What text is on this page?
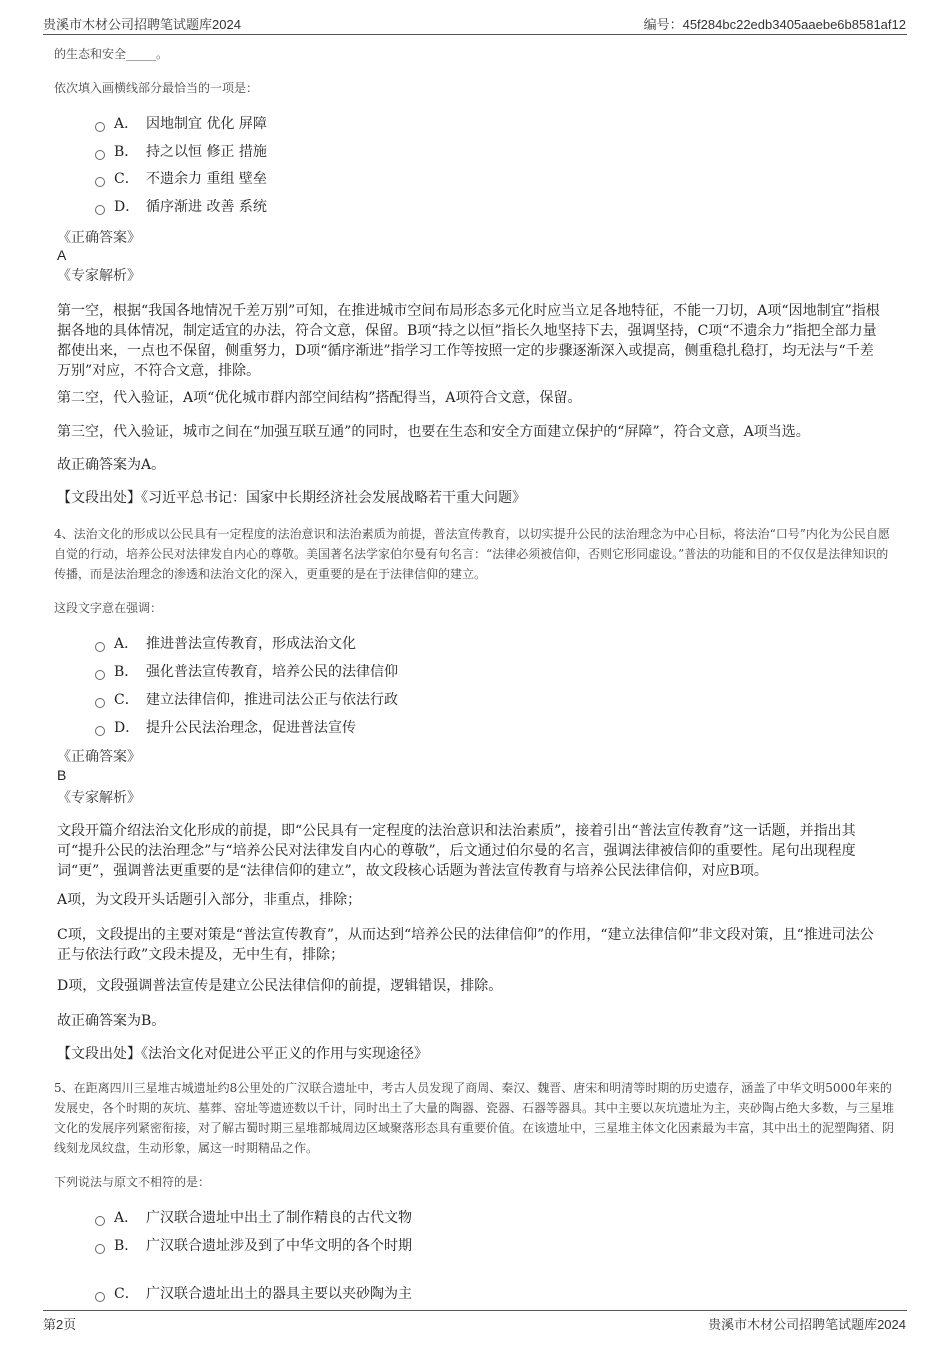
贵溪市木材公司招聘笔试题库2024	编号：45f284bc22edb3405aaebe6b8581af12

的生态和安全_____。

依次填入画横线部分最恰当的一项是：

A． 因地制宜 优化 屏障
B． 持之以恒 修正 措施
C． 不遗余力 重组 壁垒
D． 循序渐进 改善 系统

《正确答案》

A

《专家解析》

第一空，根据“我国各地情况千差万别”可知，在推进城市空间布局形态多元化时应当立足各地特征，不能一刀切，A项“因地制宜”指根据各地的具体情况，制定适宜的办法，符合文意，保留。B项“持之以恒”指长久地坚持下去，强调坚持，C项“不遗余力”指把全部力量都使出来，一点也不保留，侧重努力，D项“循序渐进”指学习工作等按照一定的步骤逐渐深入或提高，侧重稳扎稳打，均无法与“千差万别”对应，不符合文意，排除。

第二空，代入验证，A项“优化城市群内部空间结构”搭配得当，A项符合文意，保留。

第三空，代入验证，城市之间在“加强互联互通”的同时，也要在生态和安全方面建立保护的“屏障”，符合文意，A项当选。

故正确答案为A。

【文段出处】《习近平总书记：国家中长期经济社会发展战略若干重大问题》

4、法治文化的形成以公民具有一定程度的法治意识和法治素质为前提，普法宣传教育，以切实提升公民的法治理念为中心目标，将法治“口号”内化为公民自愿自觉的行动，培养公民对法律发自内心的尊敬。美国著名法学家伯尔曼有句名言：“法律必须被信仰，否则它形同虚设。”普法的功能和目的不仅仅是法律知识的传播，而是法治理念的渗透和法治文化的深入，更重要的是在于法律信仰的建立。

这段文字意在强调：

A． 推进普法宣传教育，形成法治文化
B． 强化普法宣传教育，培养公民的法律信仰
C． 建立法律信仰，推进司法公正与依法行政
D． 提升公民法治理念，促进普法宣传

《正确答案》

B

《专家解析》

文段开篇介绍法治文化形成的前提，即“公民具有一定程度的法治意识和法治素质”，接着引出“普法宣传教育”这一话题，并指出其可“提升公民的法治理念”与“培养公民对法律发自内心的尊敬”，后文通过伯尔曼的名言，强调法律被信仰的重要性。尾句出现程度词“更”，强调普法更重要的是“法律信仰的建立”，故文段核心话题为普法宣传教育与培养公民法律信仰，对应B项。

A项，为文段开头话题引入部分，非重点，排除；

C项，文段提出的主要对策是“普法宣传教育”，从而达到“培养公民的法律信仰”的作用，“建立法律信仰”非文段对策，且“推进司法公正与依法行政”文段未提及，无中生有，排除；

D项，文段强调普法宣传是建立公民法律信仰的前提，逻辑错误，排除。

故正确答案为B。

【文段出处】《法治文化对促进公平正义的作用与实现途径》

5、在距离四川三星堆古城遗址约8公里处的广汉联合遗址中，考古人员发现了商周、秦汉、魏晋、唐宋和明清等时期的历史遗存，涵盖了中华文明5000年来的发展史，各个时期的灰坑、墓葬、窑址等遗迹数以千计，同时出土了大量的陶器、瓷器、石器等器具。其中主要以灰坑遗址为主，夹砂陶占绝大多数，与三星堆文化的发展序列紧密衔接，对了解古蜀时期三星堆都城周边区域聚落形态具有重要价值。在该遗址中，三星堆主体文化因素最为丰富，其中出土的泥塑陶猪、阴线刻龙凤纹盘，生动形象，属这一时期精品之作。

下列说法与原文不相符的是：

A． 广汉联合遗址中出土了制作精良的古代文物
B． 广汉联合遗址涉及到了中华文明的各个时期
C． 广汉联合遗址出土的器具主要以夹砂陶为主
第2页	贵溪市木材公司招聘笔试题库2024
